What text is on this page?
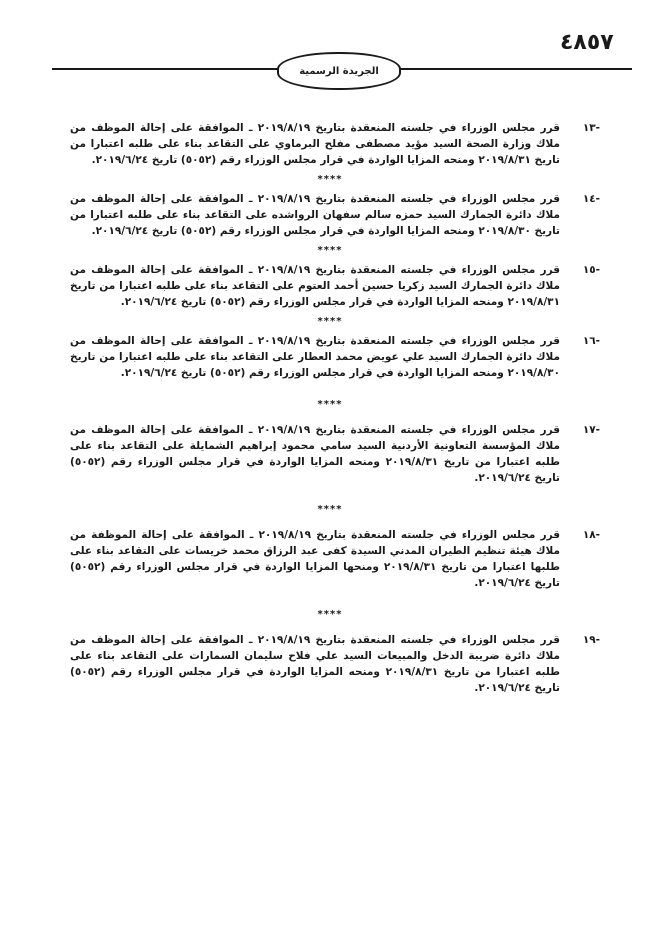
٤٨٥٧
الجريدة الرسمية
-١٣
قرر مجلس الوزراء في جلسته المنعقدة بتاريخ ٢٠١٩/٨/١٩ ـ الموافقة على إحالة الموظف من ملاك وزارة الصحة السيد مؤيد مصطفى مفلح البرماوي على التقاعد بناء على طلبه اعتبارا من تاريخ ٢٠١٩/٨/٣١ ومنحه المزايا الواردة في قرار مجلس الوزراء رقم (٥٠٥٢) تاريخ ٢٠١٩/٦/٢٤.
****
-١٤
قرر مجلس الوزراء في جلسته المنعقدة بتاريخ ٢٠١٩/٨/١٩ ـ الموافقة على إحالة الموظف من ملاك دائرة الجمارك السيد حمزه سالم سفهان الرواشده على التقاعد بناء على طلبه اعتبارا من تاريخ ٢٠١٩/٨/٣٠ ومنحه المزايا الواردة في قرار مجلس الوزراء رقم (٥٠٥٢) تاريخ ٢٠١٩/٦/٢٤.
****
-١٥
قرر مجلس الوزراء في جلسته المنعقدة بتاريخ ٢٠١٩/٨/١٩ ـ الموافقة على إحالة الموظف من ملاك دائرة الجمارك السيد زكريا حسين أحمد العتوم على التقاعد بناء على طلبه اعتبارا من تاريخ ٢٠١٩/٨/٣١ ومنحه المزايا الواردة في قرار مجلس الوزراء رقم (٥٠٥٢) تاريخ ٢٠١٩/٦/٢٤.
****
-١٦
قرر مجلس الوزراء في جلسته المنعقدة بتاريخ ٢٠١٩/٨/١٩ ـ الموافقة على إحالة الموظف من ملاك دائرة الجمارك السيد علي عويض محمد العطار على التقاعد بناء على طلبه اعتبارا من تاريخ ٢٠١٩/٨/٣٠ ومنحه المزايا الواردة في قرار مجلس الوزراء رقم (٥٠٥٢) تاريخ ٢٠١٩/٦/٢٤.
****
-١٧
قرر مجلس الوزراء في جلسته المنعقدة بتاريخ ٢٠١٩/٨/١٩ ـ الموافقة على إحالة الموظف من ملاك المؤسسة التعاونية الأردنية السيد سامي محمود إبراهيم الشمايلة على التقاعد بناء على طلبه اعتبارا من تاريخ ٢٠١٩/٨/٣١ ومنحه المزايا الواردة في قرار مجلس الوزراء رقم (٥٠٥٢) تاريخ ٢٠١٩/٦/٢٤.
****
-١٨
قرر مجلس الوزراء في جلسته المنعقدة بتاريخ ٢٠١٩/٨/١٩ ـ الموافقة على إحالة الموظفة من ملاك هيئة تنظيم الطيران المدني السيدة كفى عبد الرزاق محمد خريسات على التقاعد بناء على طلبها اعتبارا من تاريخ ٢٠١٩/٨/٣١ ومنحها المزايا الواردة في قرار مجلس الوزراء رقم (٥٠٥٢) تاريخ ٢٠١٩/٦/٢٤.
****
-١٩
قرر مجلس الوزراء في جلسته المنعقدة بتاريخ ٢٠١٩/٨/١٩ ـ الموافقة على إحالة الموظف من ملاك دائرة ضريبة الدخل والمبيعات السيد علي فلاح سليمان السمارات على التقاعد بناء على طلبه اعتبارا من تاريخ ٢٠١٩/٨/٣١ ومنحه المزايا الواردة في قرار مجلس الوزراء رقم (٥٠٥٢) تاريخ ٢٠١٩/٦/٢٤.
